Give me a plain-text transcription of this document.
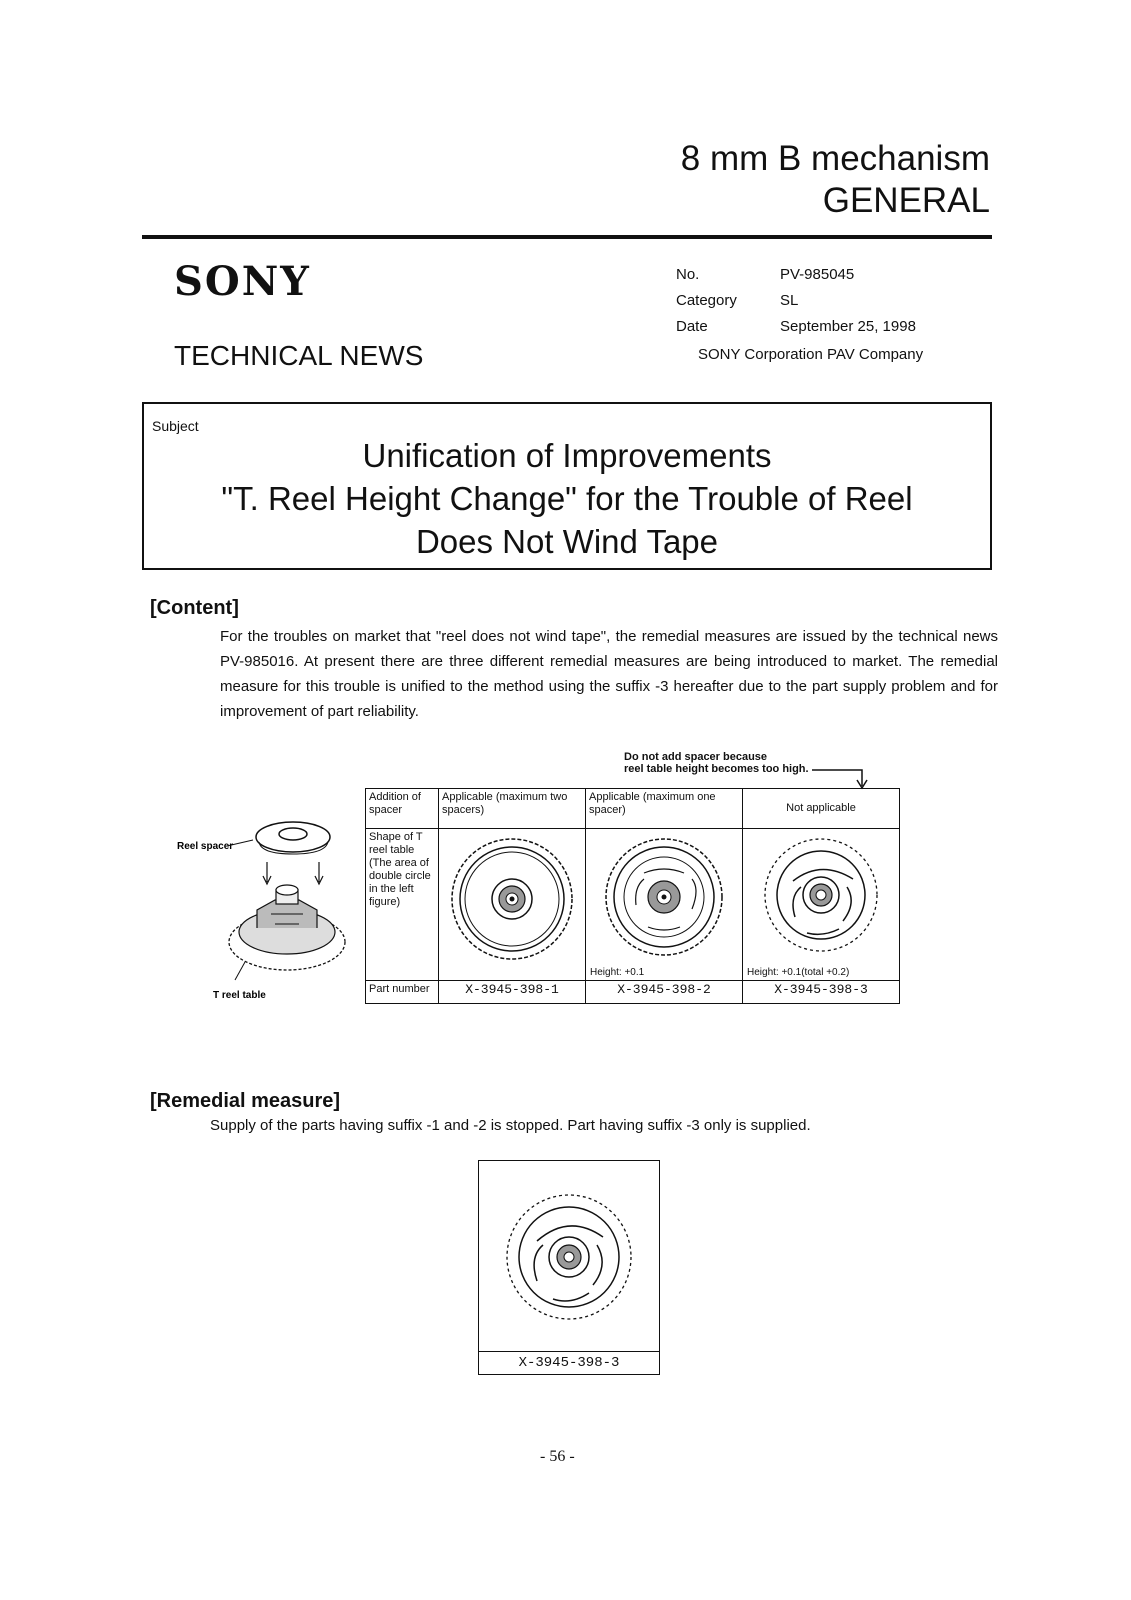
8 mm B mechanism
GENERAL
SONY
TECHNICAL NEWS
No.	PV-985045
Category	SL
Date	September 25, 1998
SONY Corporation PAV Company
Subject
Unification of Improvements
"T. Reel Height Change" for the Trouble of Reel
Does Not Wind Tape
[Content]
For the troubles on market that "reel does not wind tape", the remedial measures are issued by the technical news PV-985016. At present there are three different remedial measures are being introduced to market. The remedial measure for this trouble is unified to the method using the suffix -3 hereafter due to the part supply problem and for improvement of part reliability.
Do not add spacer because
reel table height becomes too high.
Reel spacer
T reel table
Addition of spacer	Applicable (maximum two spacers)	Applicable (maximum one spacer)	Not applicable
Shape of T reel table (The area of double circle in the left figure)		Height: +0.1	Height: +0.1(total +0.2)

Part number	X-3945-398-1	X-3945-398-2	X-3945-398-3
[Remedial measure]
Supply of the parts having suffix -1 and -2 is stopped. Part having suffix -3 only is supplied.
X-3945-398-3
- 56 -
